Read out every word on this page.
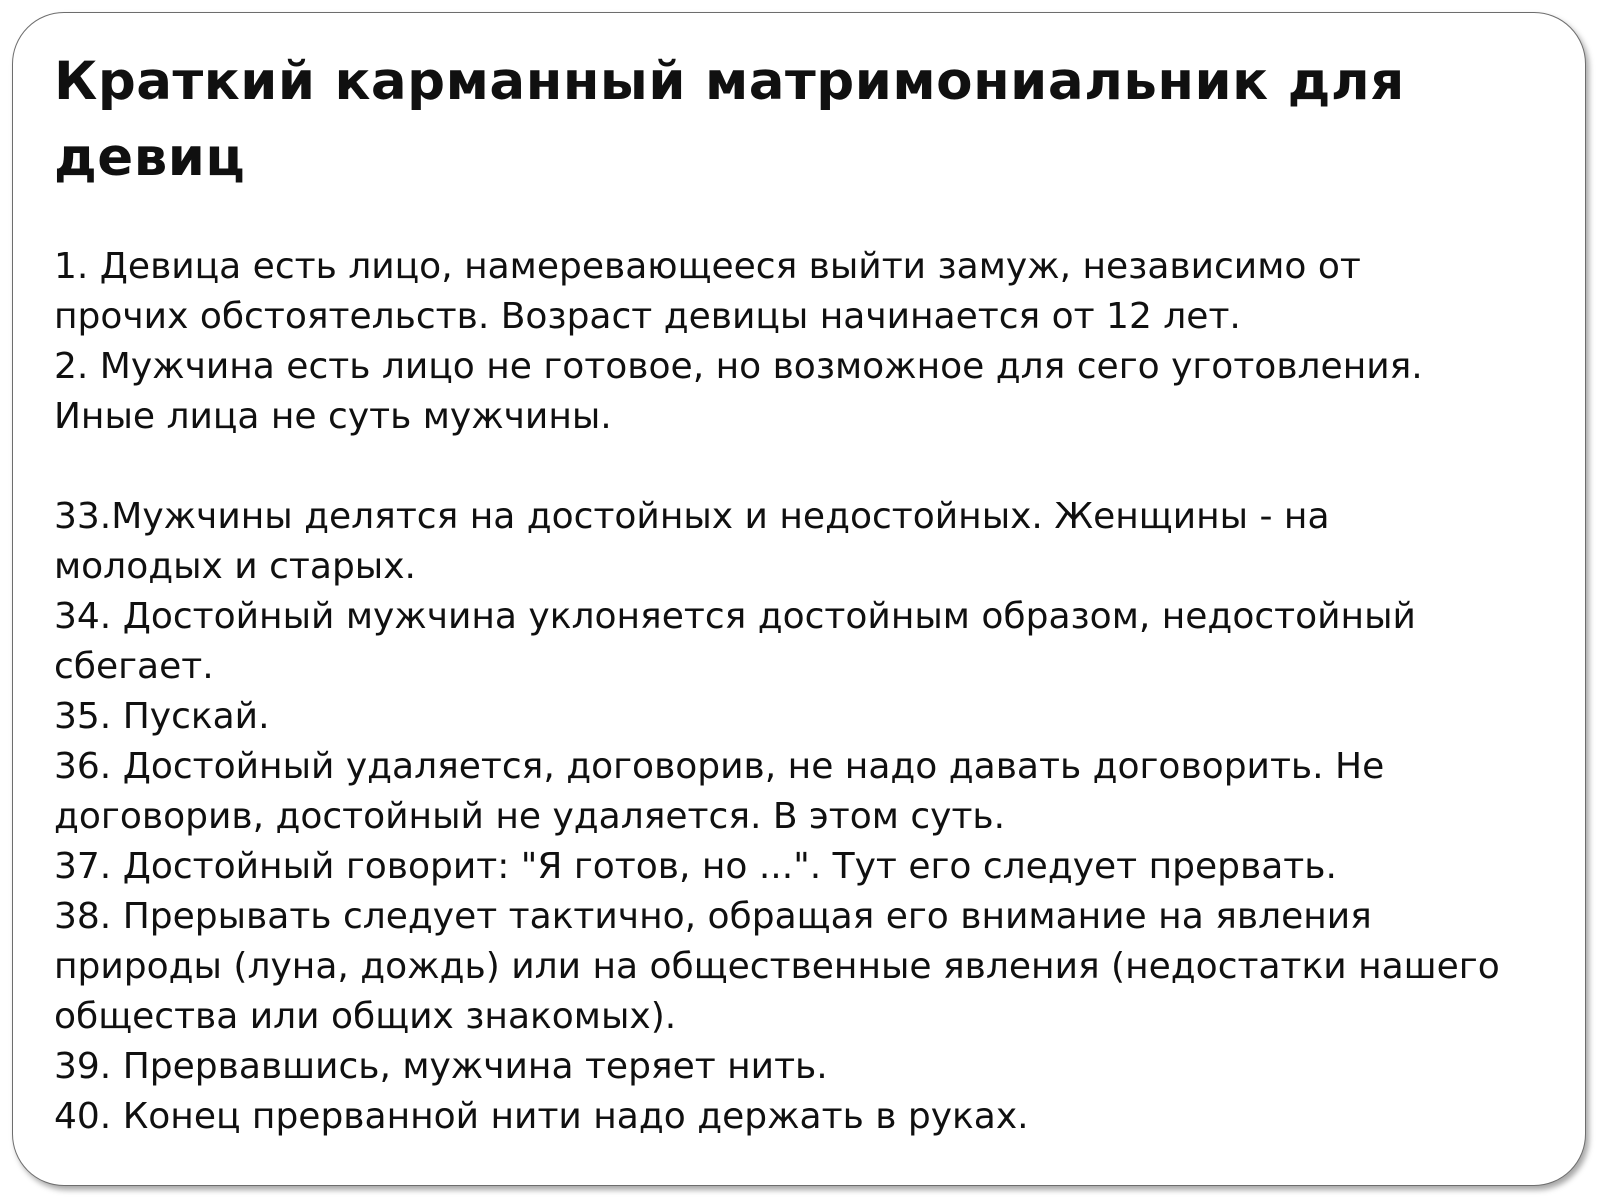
Краткий карманный матримониальник для девиц

1. Девица есть лицо, намеревающееся выйти замуж, независимо от прочих обстоятельств. Возраст девицы начинается от 12 лет.

2. Мужчина есть лицо не готовое, но возможное для сего уготовления. Иные лица не суть мужчины.

33.Мужчины делятся на достойных и недостойных. Женщины - на молодых и старых.

34. Достойный мужчина уклоняется достойным образом, недостойный сбегает.

35. Пускай.

36. Достойный удаляется, договорив, не надо давать договорить. Не договорив, достойный не удаляется. В этом суть.

37. Достойный говорит: "Я готов, но ...". Тут его следует прервать.

38. Прерывать следует тактично, обращая его внимание на явления природы (луна, дождь) или на общественные явления (недостатки нашего общества или общих знакомых).

39. Прервавшись, мужчина теряет нить.

40. Конец прерванной нити надо держать в руках.
